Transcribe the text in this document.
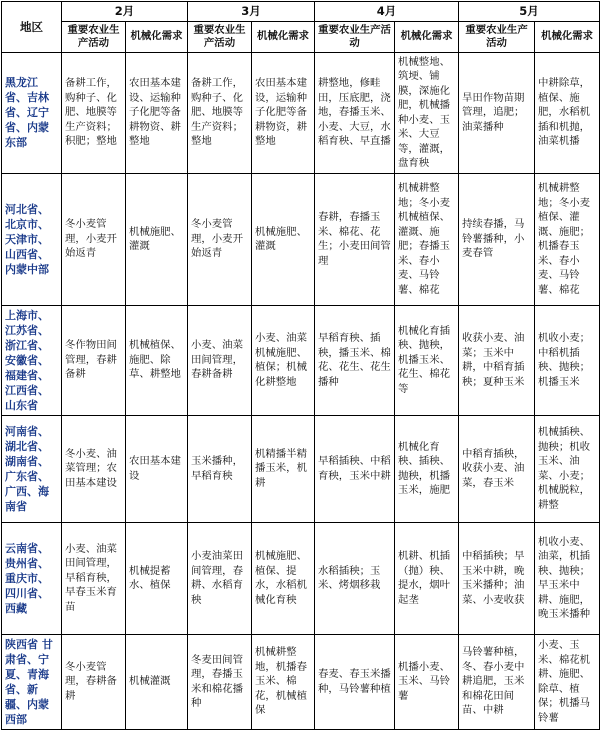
地区	2月		3月		4月		5月	
	重要农业生产活动	机械化需求	重要农业生产活动	机械化需求	重要农业生产活动	机械化需求	重要农业生产活动	机械化需求
黑龙江省、吉林省、辽宁省、内蒙东部	备耕工作，购种子、化肥、地膜等生产资料；积肥；整地	农田基本建设、运输种子化肥等备耕物资、耕整地	备耕工作，购种子、化肥、地膜等生产资料；整地	农田基本建设，运输种子化肥等备耕物资，耕整地	耕整地，修畦田，压底肥，浇地，春播玉米、小麦、大豆，水稻育秧、早直播	机械整地、筑埂、铺膜，深施化肥，机械播种小麦、玉米、大豆等，灌溉，盘育秧	旱田作物苗期管理，追肥；油菜播种	中耕除草，植保、施肥，水稻机插和机抛，油菜机播
河北省、北京市、天津市、山西省、内蒙中部	冬小麦管理，小麦开始返青	机械施肥、灌溉	冬小麦管理，小麦开始返青	机械施肥、灌溉	春耕，春播玉米、棉花、花生；小麦田间管理	机械耕整地；冬小麦机械植保、灌溉、施肥；春播玉米、春小麦、马铃薯、棉花	持续春播，马铃薯播种，小麦春管	机械耕整地；冬小麦植保、灌溉、施肥；机播春玉米、春小麦、马铃薯、棉花
上海市、江苏省、浙江省、安徽省、福建省、江西省、山东省	冬作物田间管理，春耕备耕	机械植保、施肥、除草、耕整地	小麦、油菜田间管理，春耕备耕	小麦、油菜机械施肥、植保；机械化耕整地	早稻育秧、插秧，播玉米、棉花、花生、花生播种	机械化育插秧、抛秧，机播玉米、花生、棉花等	收获小麦、油菜；玉米中耕，中稻育插秧；夏种玉米	机收小麦；中稻机插秧、抛秧；机播玉米
河南省、湖北省、湖南省、广东省、广西、海南省	冬小麦、油菜管理；农田基本建设	农田基本建设	玉米播种，早稻育秧	机精播半精播玉米，机耕	早稻插秧、中稻育秧，玉米中耕	机械化育秧、插秧、抛秧，机播玉米，施肥	中稻育插秧，收获小麦、油菜，春玉米	机械插秧、抛秧；机收玉米、油菜、小麦；机械脱粒，耕整
云南省、贵州省、重庆市、四川省、西藏	小麦、油菜田间管理，早稻育秧，早春玉米育苗	机械提蓄水、植保	小麦油菜田间管理，春耕、水稻育秧	机械施肥、植保、提水，水稻机械化育秧	水稻插秧；玉米、烤烟移栽	机耕、机插（抛）秧、提水，烟叶起垄	中稻插秧；早玉米中耕，晚玉米播种；油菜、小麦收获	机收小麦、油菜，机插秧、抛秧；早玉米中耕、施肥，晚玉米播种
陕西省 甘肃省、宁夏、青海省、新疆、内蒙西部	冬小麦管理，春耕备耕	机械灌溉	冬麦田间管理，春播玉米和棉花播种	机械耕整地，机播春玉米、棉花，机械植保	春麦、春玉米播种，马铃薯种植	机播小麦、玉米、马铃薯	马铃薯种植，冬、春小麦中耕追肥，玉米和棉花田间苗、中耕	小麦、玉米、棉花机耕、施肥、除草、植保；机播马铃薯
